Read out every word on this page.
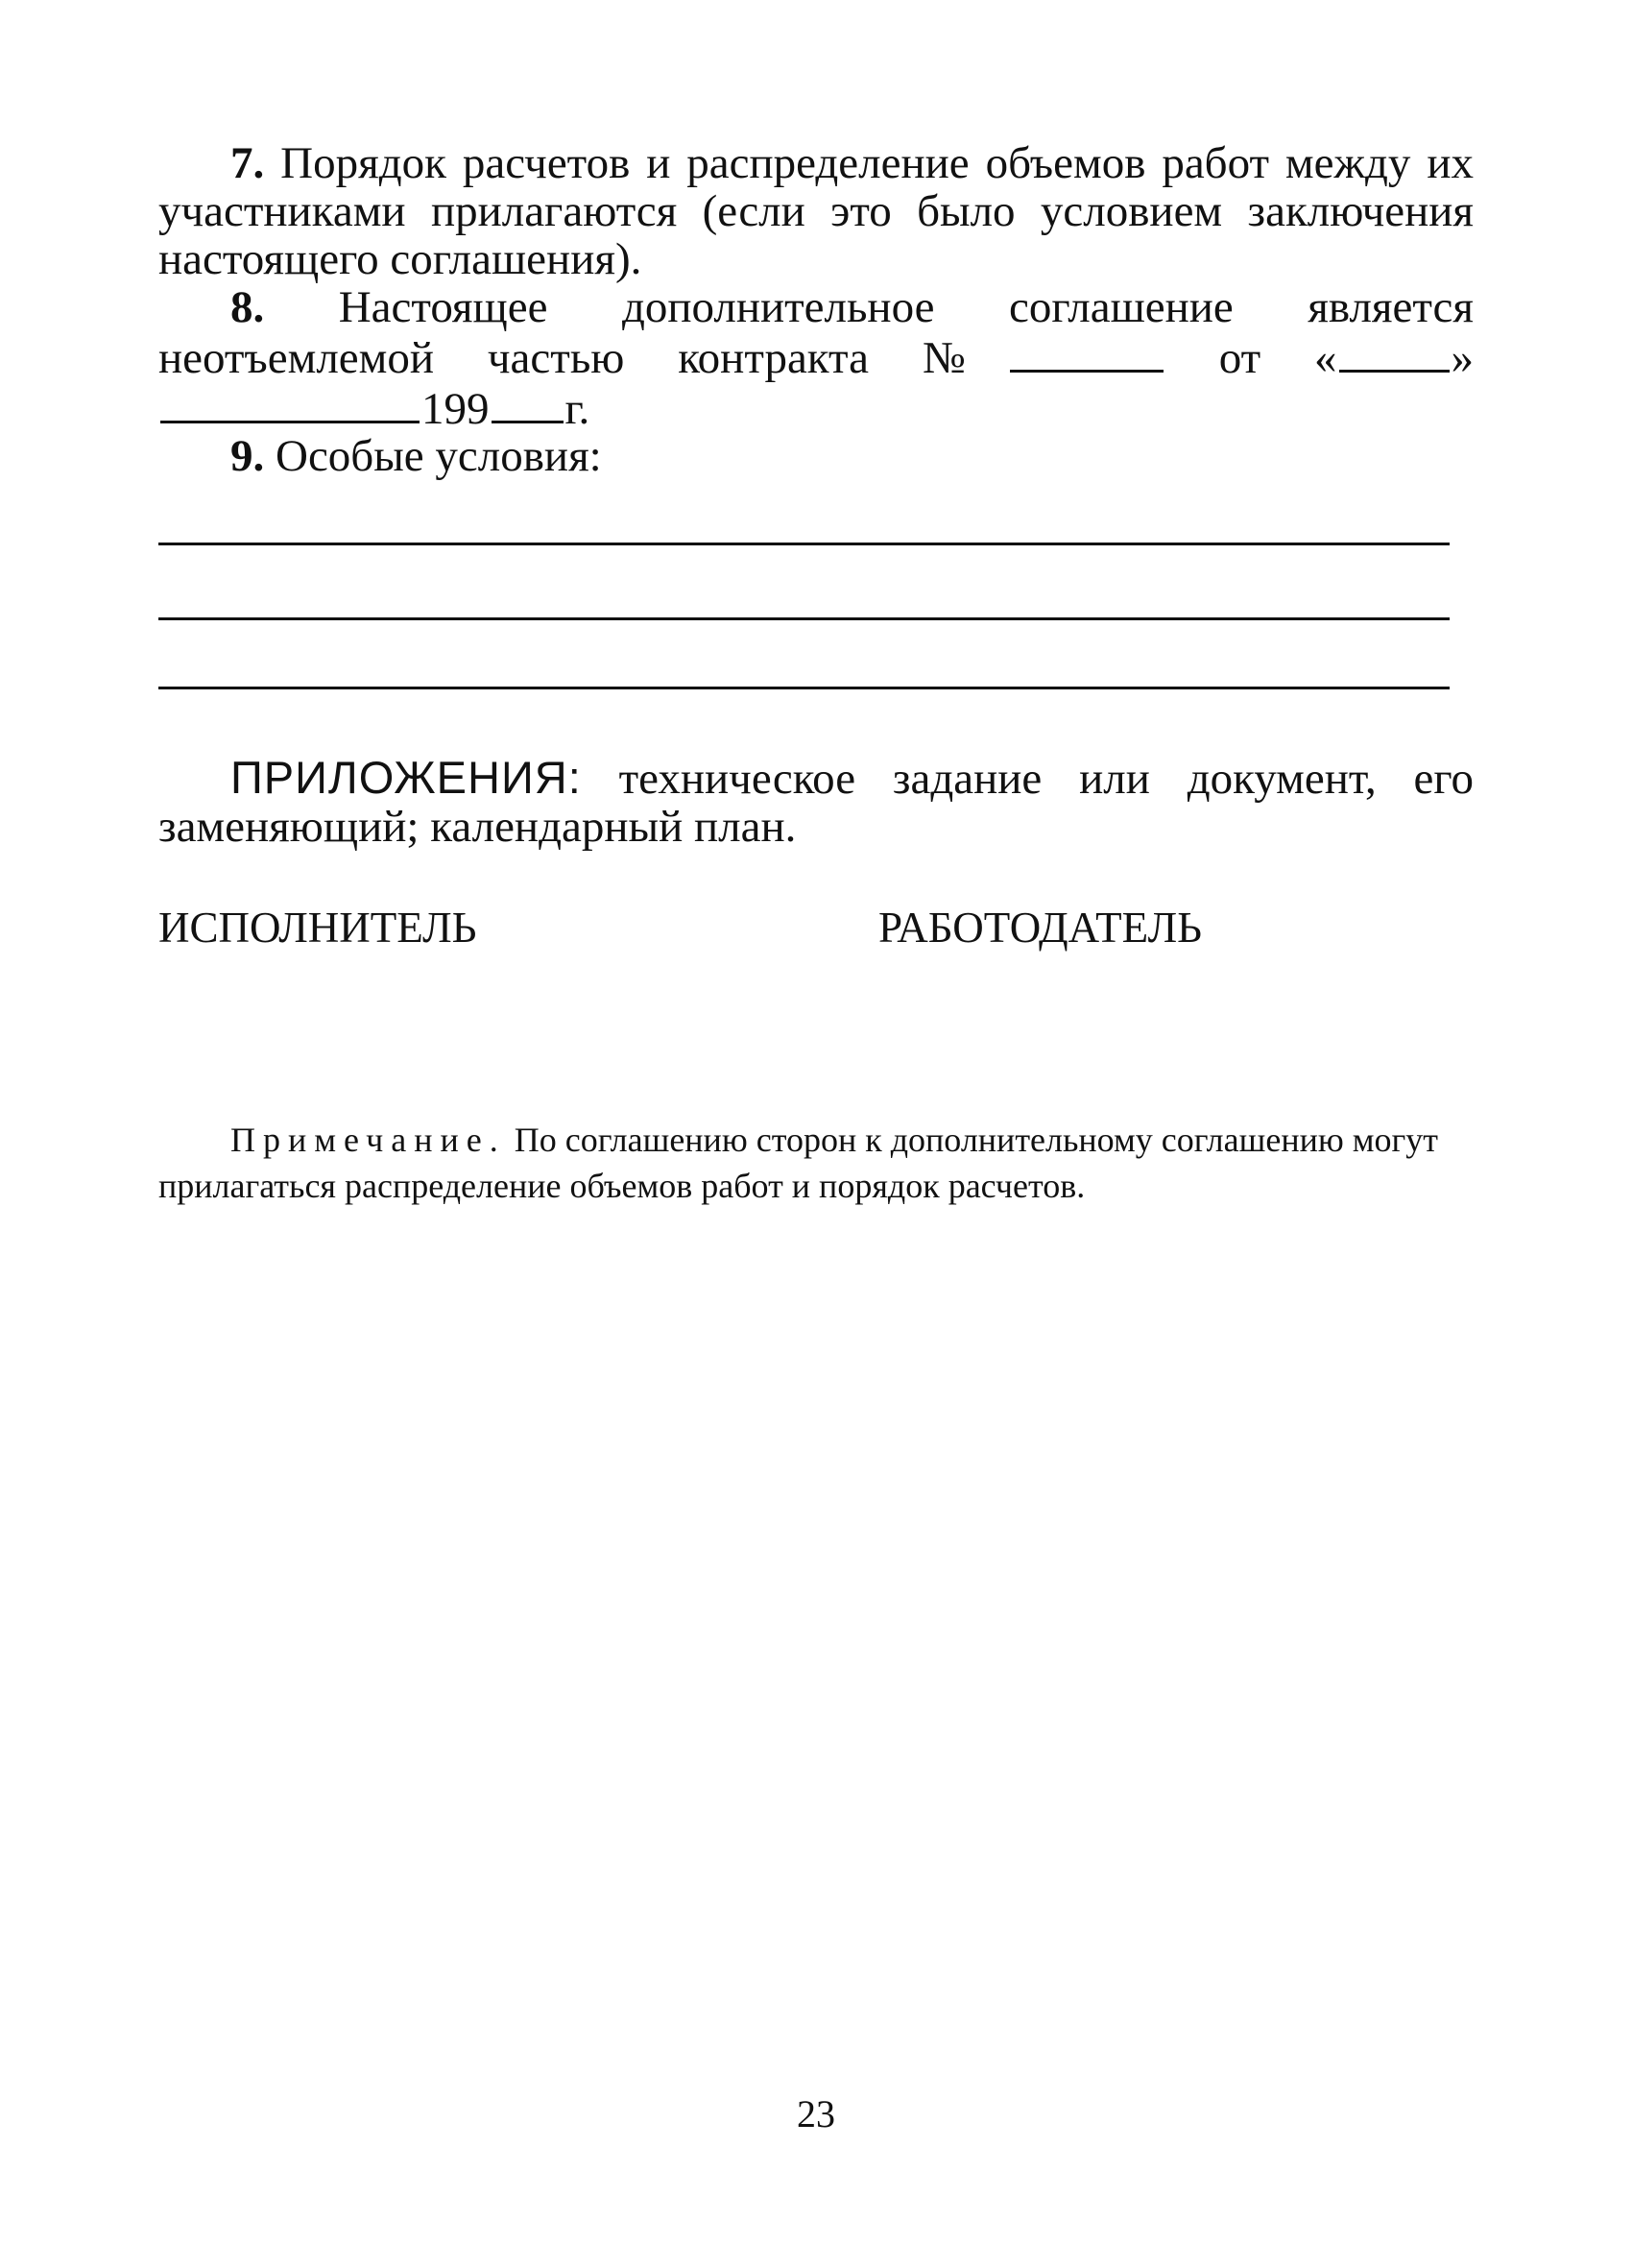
7. Порядок расчетов и распределение объемов работ между их участниками прилагаются (если это было условием заключения настоящего соглашения).
8. Настоящее дополнительное соглашение является неотъемлемой частью контракта №	от «	» 199 г.
9. Особые условия:
ПРИЛОЖЕНИЯ: техническое задание или документ, его заменяющий; календарный план.
ИСПОЛНИТЕЛЬ	РАБОТОДАТЕЛЬ
Примечание. По соглашению сторон к дополнительному соглашению могут прилагаться распределение объемов работ и порядок расчетов.
23
